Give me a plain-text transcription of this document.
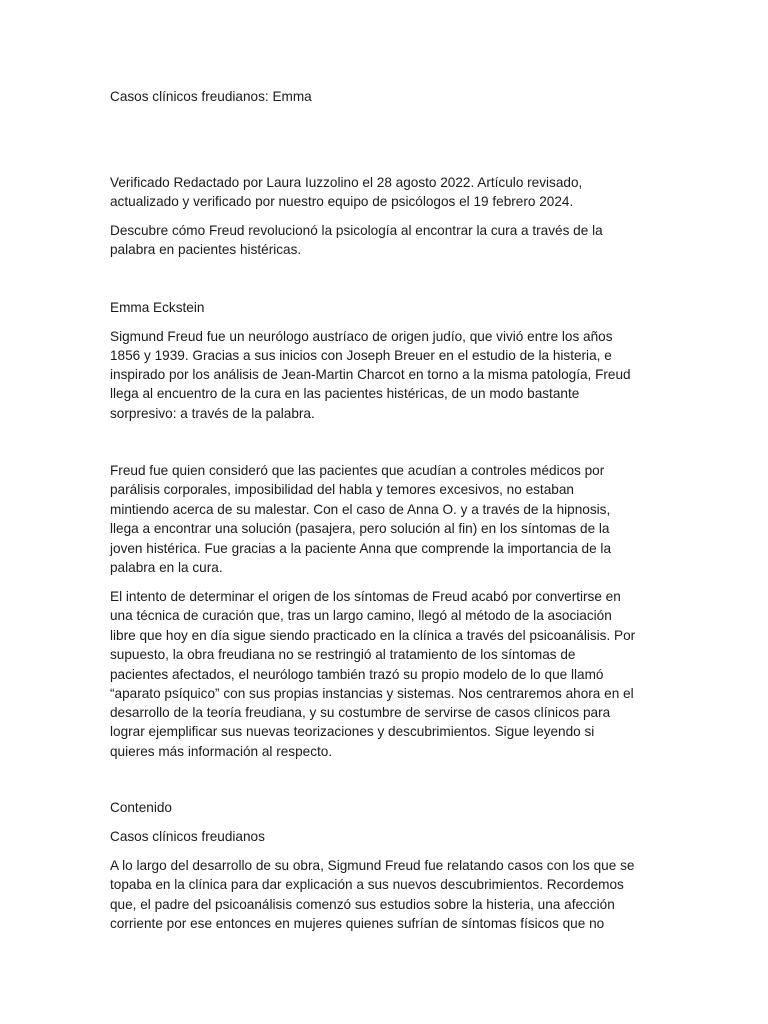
Casos clínicos freudianos: Emma
Verificado Redactado por Laura Iuzzolino el 28 agosto 2022. Artículo revisado,
actualizado y verificado por nuestro equipo de psicólogos el 19 febrero 2024.
Descubre cómo Freud revolucionó la psicología al encontrar la cura a través de la
palabra en pacientes histéricas.
Emma Eckstein
Sigmund Freud fue un neurólogo austríaco de origen judío, que vivió entre los años
1856 y 1939. Gracias a sus inicios con Joseph Breuer en el estudio de la histeria, e
inspirado por los análisis de Jean-Martin Charcot en torno a la misma patología, Freud
llega al encuentro de la cura en las pacientes histéricas, de un modo bastante
sorpresivo: a través de la palabra.
Freud fue quien consideró que las pacientes que acudían a controles médicos por
parálisis corporales, imposibilidad del habla y temores excesivos, no estaban
mintiendo acerca de su malestar. Con el caso de Anna O. y a través de la hipnosis,
llega a encontrar una solución (pasajera, pero solución al fin) en los síntomas de la
joven histérica. Fue gracias a la paciente Anna que comprende la importancia de la
palabra en la cura.
El intento de determinar el origen de los síntomas de Freud acabó por convertirse en
una técnica de curación que, tras un largo camino, llegó al método de la asociación
libre que hoy en día sigue siendo practicado en la clínica a través del psicoanálisis. Por
supuesto, la obra freudiana no se restringió al tratamiento de los síntomas de
pacientes afectados, el neurólogo también trazó su propio modelo de lo que llamó
“aparato psíquico” con sus propias instancias y sistemas. Nos centraremos ahora en el
desarrollo de la teoría freudiana, y su costumbre de servirse de casos clínicos para
lograr ejemplificar sus nuevas teorizaciones y descubrimientos. Sigue leyendo si
quieres más información al respecto.
Contenido
Casos clínicos freudianos
A lo largo del desarrollo de su obra, Sigmund Freud fue relatando casos con los que se
topaba en la clínica para dar explicación a sus nuevos descubrimientos. Recordemos
que, el padre del psicoanálisis comenzó sus estudios sobre la histeria, una afección
corriente por ese entonces en mujeres quienes sufrían de síntomas físicos que no
